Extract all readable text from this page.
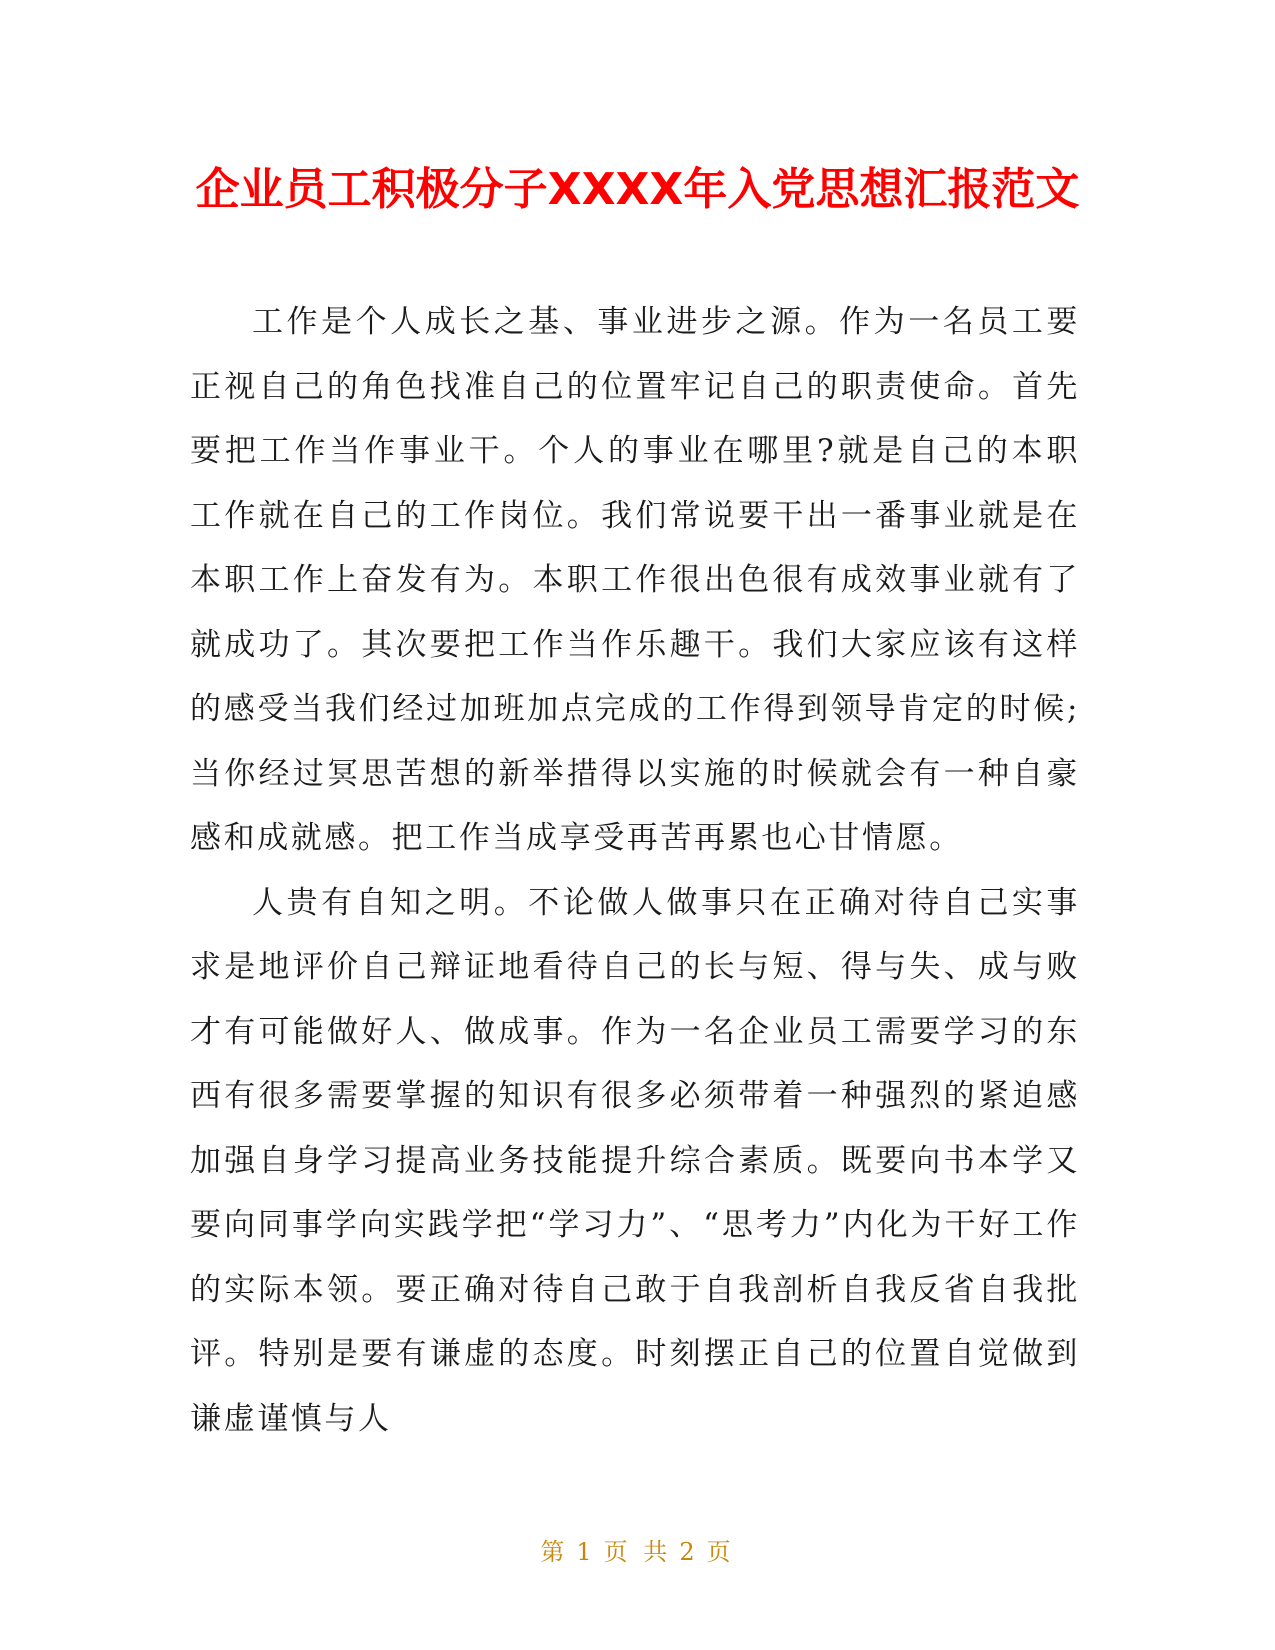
企业员工积极分子XXXX年入党思想汇报范文

工作是个人成长之基、事业进步之源。作为一名员工要正视自己的角色找准自己的位置牢记自己的职责使命。首先要把工作当作事业干。个人的事业在哪里?就是自己的本职工作就在自己的工作岗位。我们常说要干出一番事业就是在本职工作上奋发有为。本职工作很出色很有成效事业就有了就成功了。其次要把工作当作乐趣干。我们大家应该有这样的感受当我们经过加班加点完成的工作得到领导肯定的时候;当你经过冥思苦想的新举措得以实施的时候就会有一种自豪感和成就感。把工作当成享受再苦再累也心甘情愿。

人贵有自知之明。不论做人做事只在正确对待自己实事求是地评价自己辩证地看待自己的长与短、得与失、成与败才有可能做好人、做成事。作为一名企业员工需要学习的东西有很多需要掌握的知识有很多必须带着一种强烈的紧迫感加强自身学习提高业务技能提升综合素质。既要向书本学又要向同事学向实践学把“学习力”、“思考力”内化为干好工作的实际本领。要正确对待自己敢于自我剖析自我反省自我批评。特别是要有谦虚的态度。时刻摆正自己的位置自觉做到谦虚谨慎与人

第 1 页 共 2 页
